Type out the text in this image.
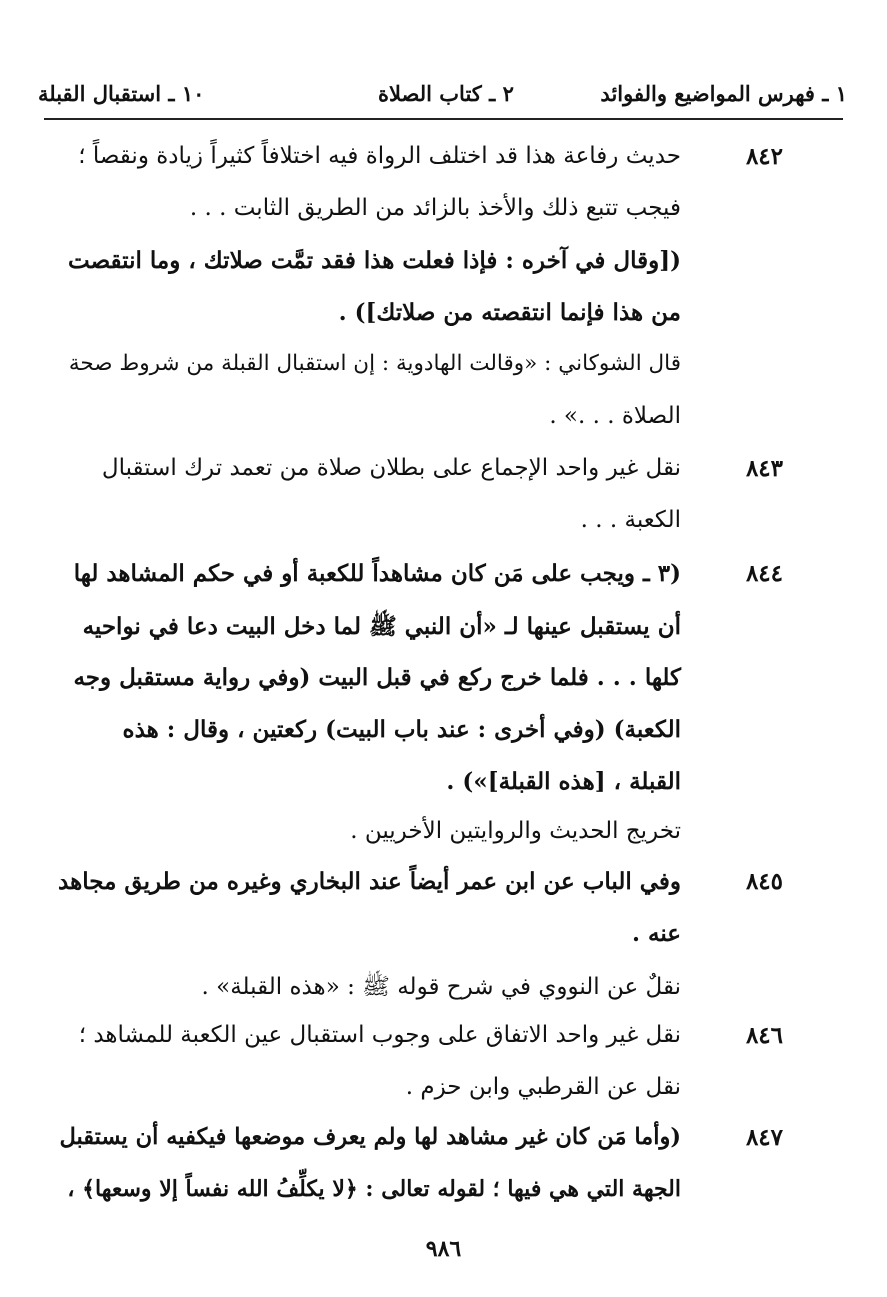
١ ـ فهرس المواضيع والفوائد
٢ ـ كتاب الصلاة
١٠ ـ استقبال القبلة
٨٤٢
حديث رفاعة هذا قد اختلف الرواة فيه اختلافاً كثيراً زيادة ونقصاً ؛
فيجب تتبع ذلك والأخذ بالزائد من الطريق الثابت . . .
([وقال في آخره : فإذا فعلت هذا فقد تمَّت صلاتك ، وما انتقصت
من هذا فإنما انتقصته من صلاتك]) .
قال الشوكاني : «وقالت الهادوية : إن استقبال القبلة من شروط صحة
الصلاة . . .» .
٨٤٣
نقل غير واحد الإجماع على بطلان صلاة من تعمد ترك استقبال
الكعبة . . .
٨٤٤
(٣ ـ ويجب على مَن كان مشاهداً للكعبة أو في حكم المشاهد لها
أن يستقبل عينها لـ «أن النبي ﷺ لما دخل البيت دعا في نواحيه
كلها . . . فلما خرج ركع في قبل البيت (وفي رواية مستقبل وجه
الكعبة) (وفي أخرى : عند باب البيت) ركعتين ، وقال : هذه
القبلة ، [هذه القبلة]») .
تخريج الحديث والروايتين الأخريين .
٨٤٥
وفي الباب عن ابن عمر أيضاً عند البخاري وغيره من طريق مجاهد
عنه .
نقلٌ عن النووي في شرح قوله ﷺ : «هذه القبلة» .
٨٤٦
نقل غير واحد الاتفاق على وجوب استقبال عين الكعبة للمشاهد ؛
نقل عن القرطبي وابن حزم .
٨٤٧
(وأما مَن كان غير مشاهد لها ولم يعرف موضعها فيكفيه أن يستقبل
الجهة التي هي فيها ؛ لقوله تعالى : ﴿لا يكلِّفُ الله نفساً إلا وسعها﴾ ،
٩٨٦
